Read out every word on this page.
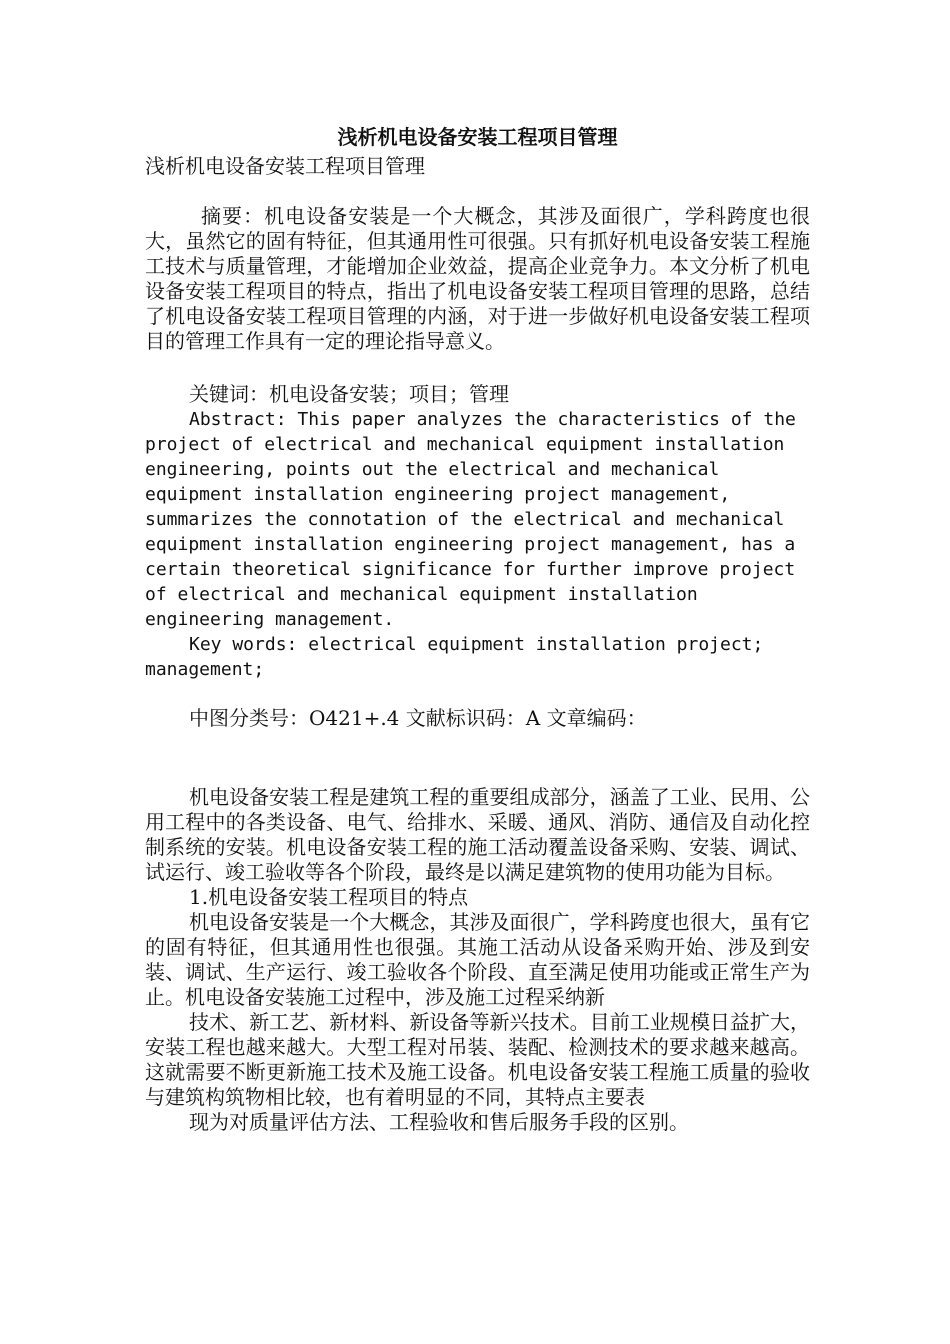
浅析机电设备安装工程项目管理

浅析机电设备安装工程项目管理

摘要：机电设备安装是一个大概念，其涉及面很广，学科跨度也很大，虽然它的固有特征，但其通用性可很强。只有抓好机电设备安装工程施工技术与质量管理，才能增加企业效益，提高企业竞争力。本文分析了机电设备安装工程项目的特点，指出了机电设备安装工程项目管理的思路，总结了机电设备安装工程项目管理的内涵，对于进一步做好机电设备安装工程项目的管理工作具有一定的理论指导意义。

关键词：机电设备安装；项目；管理

Abstract: This paper analyzes the characteristics of the project of electrical and mechanical equipment installation engineering, points out the electrical and mechanical equipment installation engineering project management, summarizes the connotation of the electrical and mechanical equipment installation engineering project management, has a certain theoretical significance for further improve project of electrical and mechanical equipment installation engineering management.

Key words: electrical equipment installation project; management;

中图分类号：O421+.4 文献标识码：A 文章编码：

机电设备安装工程是建筑工程的重要组成部分，涵盖了工业、民用、公用工程中的各类设备、电气、给排水、采暖、通风、消防、通信及自动化控制系统的安装。机电设备安装工程的施工活动覆盖设备采购、安装、调试、试运行、竣工验收等各个阶段，最终是以满足建筑物的使用功能为目标。

1.机电设备安装工程项目的特点

机电设备安装是一个大概念，其涉及面很广，学科跨度也很大，虽有它的固有特征，但其通用性也很强。其施工活动从设备采购开始、涉及到安装、调试、生产运行、竣工验收各个阶段、直至满足使用功能或正常生产为止。机电设备安装施工过程中，涉及施工过程采纳新

技术、新工艺、新材料、新设备等新兴技术。目前工业规模日益扩大，安装工程也越来越大。大型工程对吊装、装配、检测技术的要求越来越高。这就需要不断更新施工技术及施工设备。机电设备安装工程施工质量的验收与建筑构筑物相比较，也有着明显的不同，其特点主要表

现为对质量评估方法、工程验收和售后服务手段的区别。
